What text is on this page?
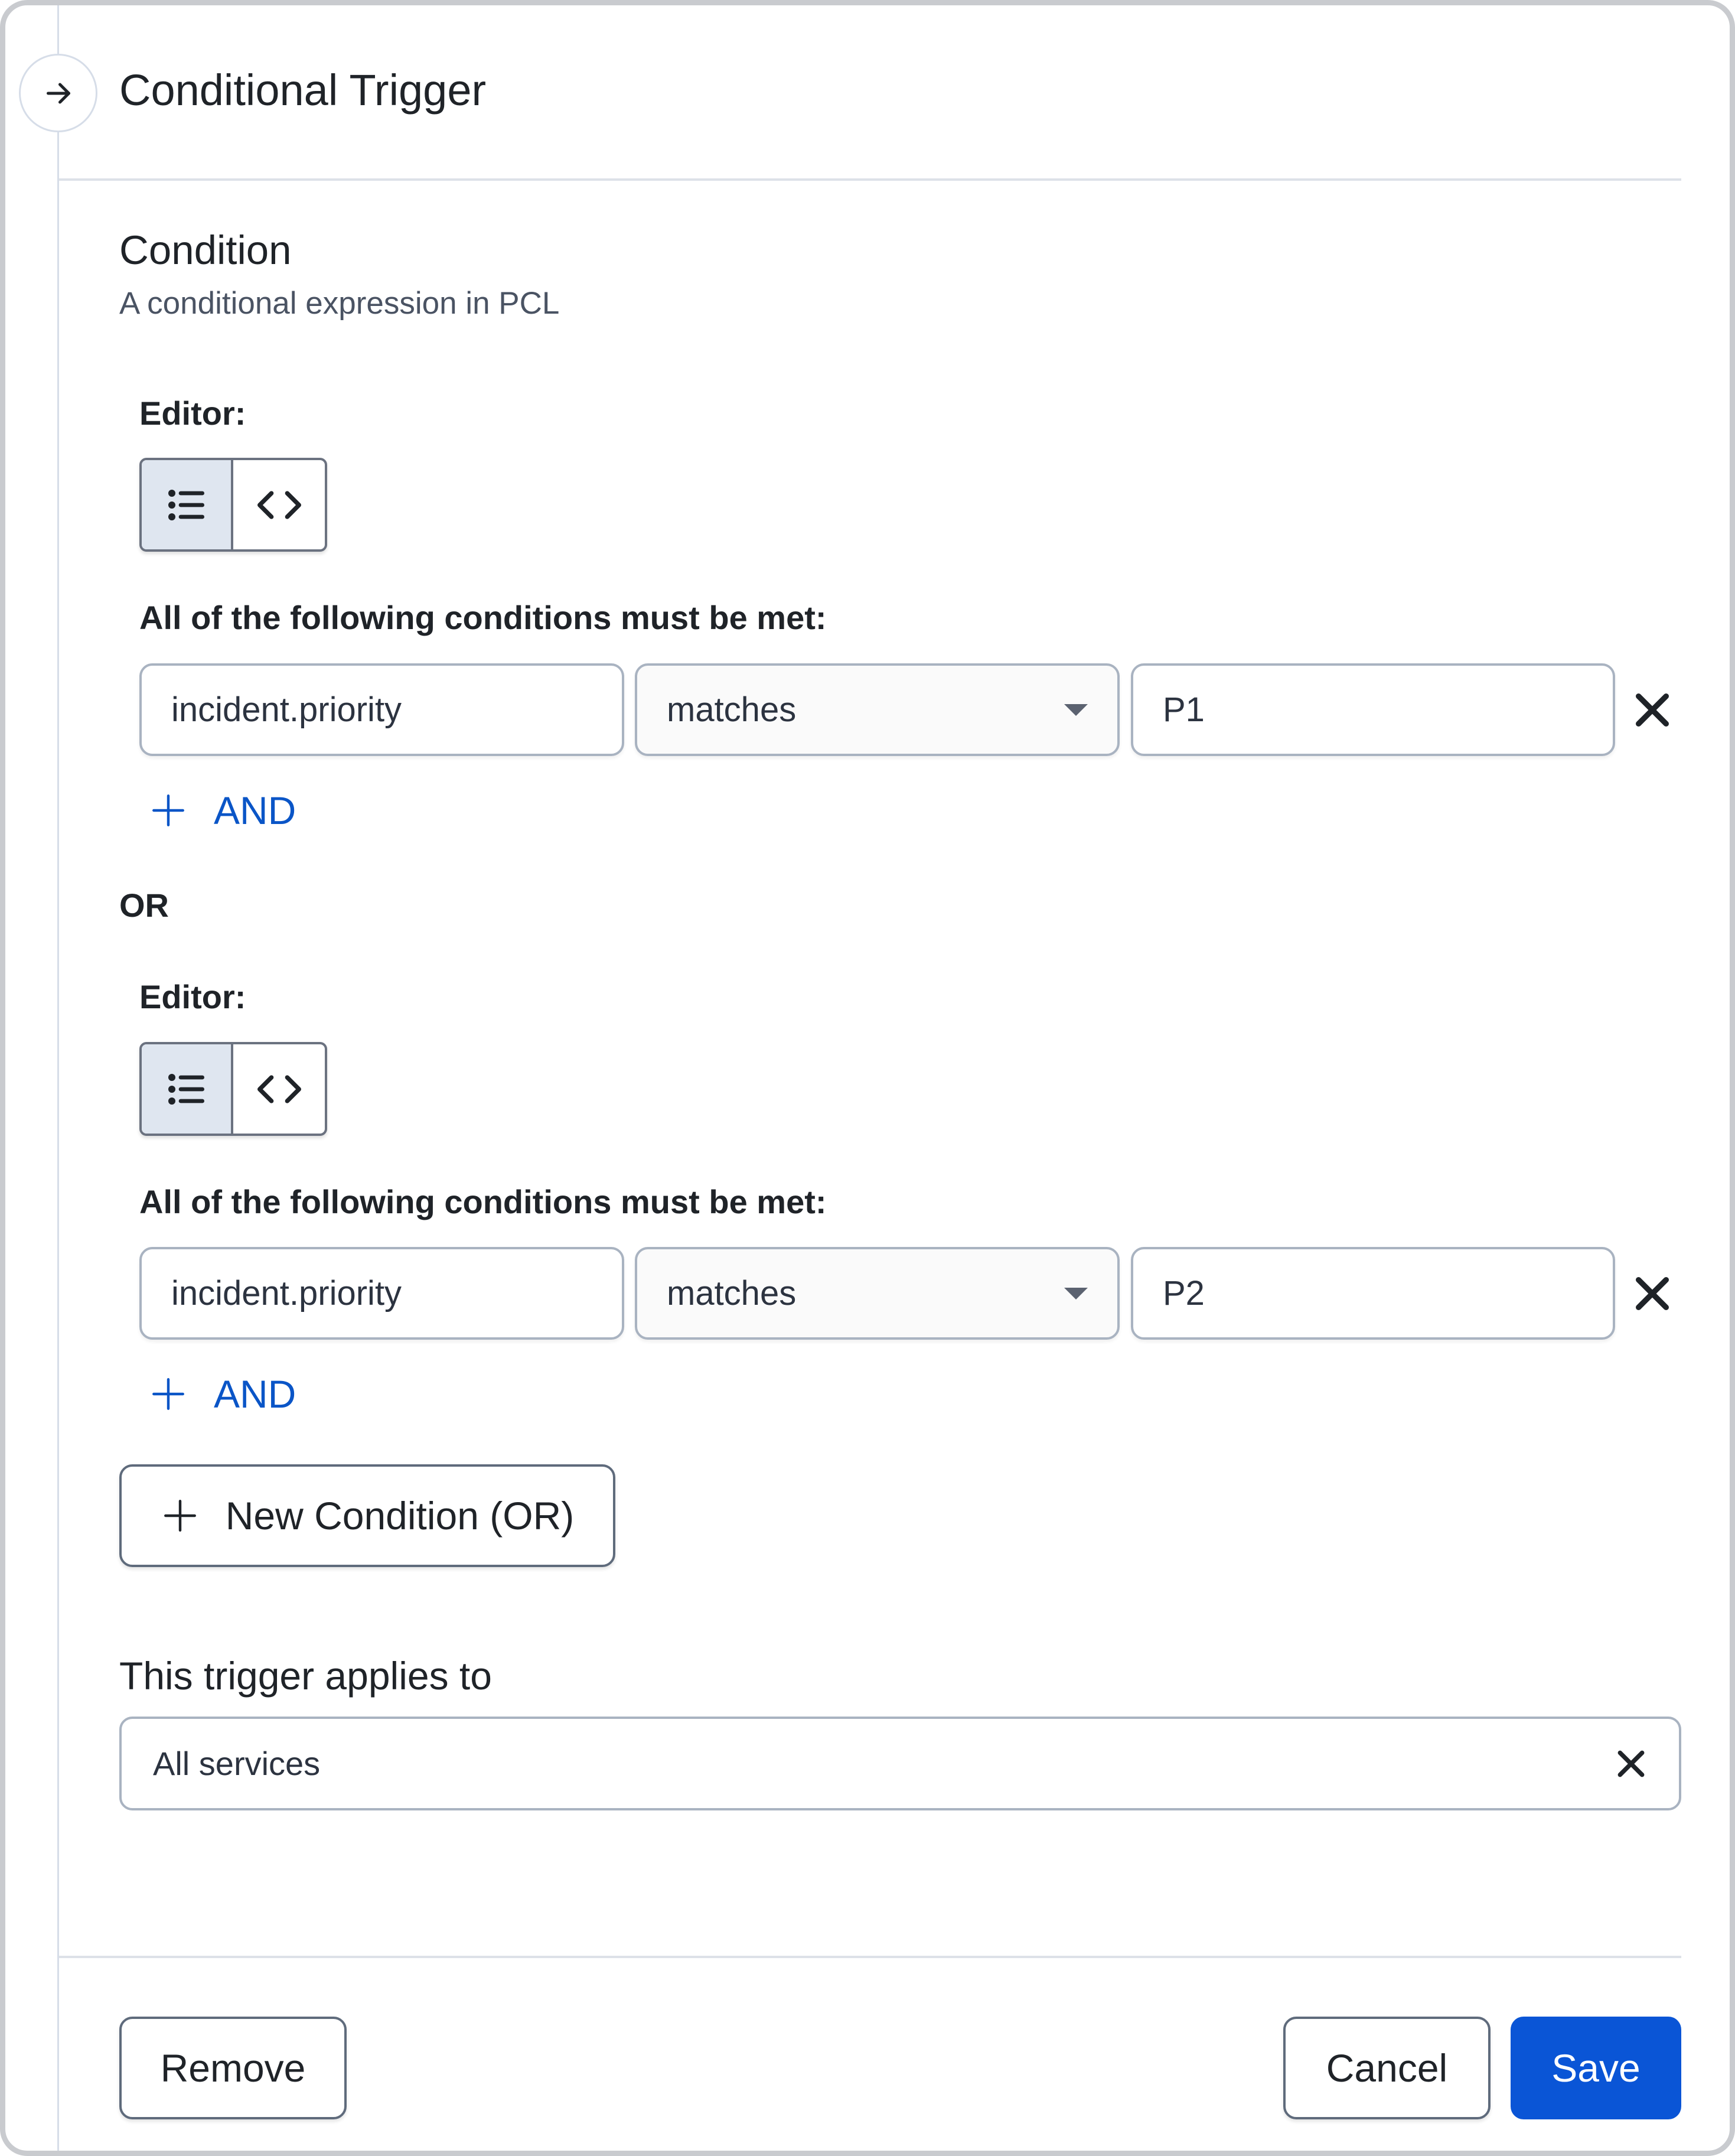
Conditional Trigger
Condition
A conditional expression in PCL
Editor:
All of the following conditions must be met:
incident.priority	matches	P1
AND
OR
Editor:
All of the following conditions must be met:
incident.priority	matches	P2
AND
New Condition (OR)
This trigger applies to
All services
Remove	Cancel	Save
